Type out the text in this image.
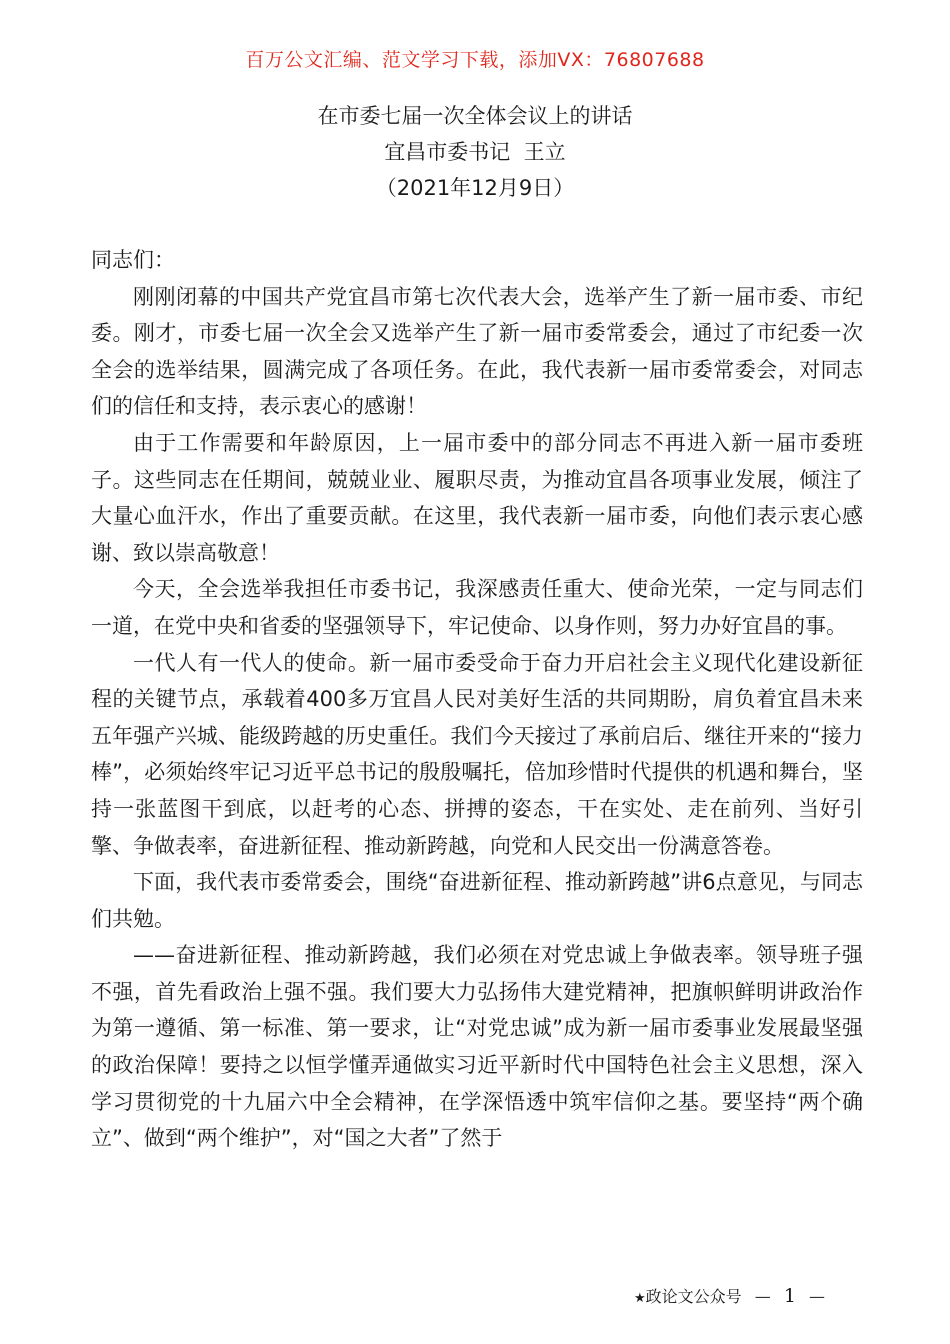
百万公文汇编、范文学习下载，添加VX：76807688
在市委七届一次全体会议上的讲话
宜昌市委书记  王立
（2021年12月9日）

同志们：

刚刚闭幕的中国共产党宜昌市第七次代表大会，选举产生了新一届市委、市纪委。刚才，市委七届一次全会又选举产生了新一届市委常委会，通过了市纪委一次全会的选举结果，圆满完成了各项任务。在此，我代表新一届市委常委会，对同志们的信任和支持，表示衷心的感谢！

由于工作需要和年龄原因，上一届市委中的部分同志不再进入新一届市委班子。这些同志在任期间，兢兢业业、履职尽责，为推动宜昌各项事业发展，倾注了大量心血汗水，作出了重要贡献。在这里，我代表新一届市委，向他们表示衷心感谢、致以崇高敬意！

今天，全会选举我担任市委书记，我深感责任重大、使命光荣，一定与同志们一道，在党中央和省委的坚强领导下，牢记使命、以身作则，努力办好宜昌的事。

一代人有一代人的使命。新一届市委受命于奋力开启社会主义现代化建设新征程的关键节点，承载着400多万宜昌人民对美好生活的共同期盼，肩负着宜昌未来五年强产兴城、能级跨越的历史重任。我们今天接过了承前启后、继往开来的“接力棒”，必须始终牢记习近平总书记的殷殷嘱托，倍加珍惜时代提供的机遇和舞台，坚持一张蓝图干到底，以赶考的心态、拼搏的姿态，干在实处、走在前列、当好引擎、争做表率，奋进新征程、推动新跨越，向党和人民交出一份满意答卷。

下面，我代表市委常委会，围绕“奋进新征程、推动新跨越”讲6点意见，与同志们共勉。

——奋进新征程、推动新跨越，我们必须在对党忠诚上争做表率。领导班子强不强，首先看政治上强不强。我们要大力弘扬伟大建党精神，把旗帜鲜明讲政治作为第一遵循、第一标准、第一要求，让“对党忠诚”成为新一届市委事业发展最坚强的政治保障！要持之以恒学懂弄通做实习近平新时代中国特色社会主义思想，深入学习贯彻党的十九届六中全会精神，在学深悟透中筑牢信仰之基。要坚持“两个确立”、做到“两个维护”，对“国之大者”了然于

★政论文公众号 — 1 —
